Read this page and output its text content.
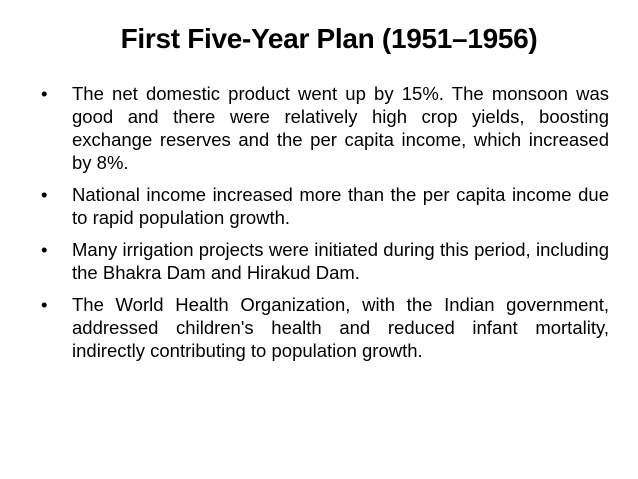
First Five-Year Plan (1951–1956)
•	The net domestic product went up by 15%. The monsoon was good and there were relatively high crop yields, boosting exchange reserves and the per capita income, which increased by 8%.
•	National income increased more than the per capita income due to rapid population growth.
•	Many irrigation projects were initiated during this period, including the Bhakra Dam and Hirakud Dam.
•	The World Health Organization, with the Indian government, addressed children's health and reduced infant mortality, indirectly contributing to population growth.
